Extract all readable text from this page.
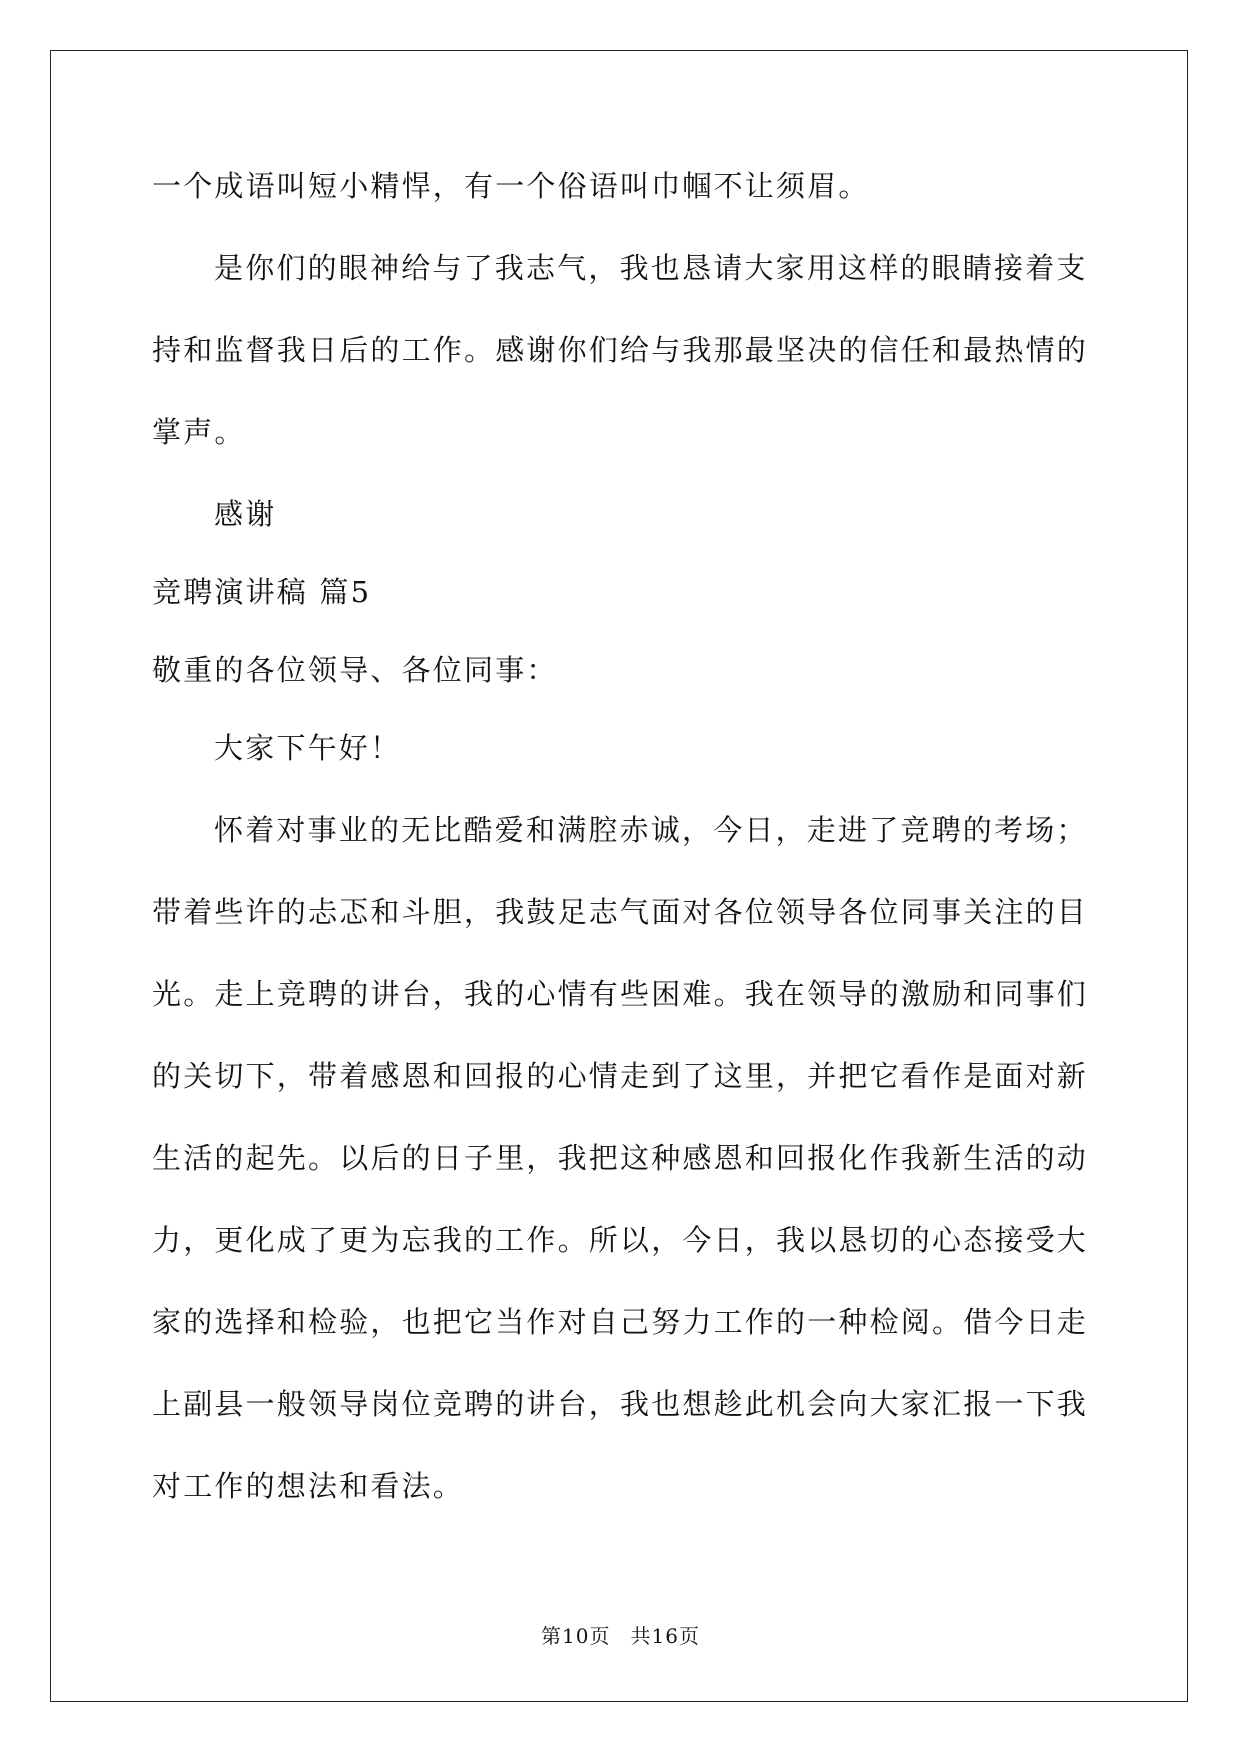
一个成语叫短小精悍，有一个俗语叫巾帼不让须眉。
是你们的眼神给与了我志气，我也恳请大家用这样的眼睛接着支
持和监督我日后的工作。感谢你们给与我那最坚决的信任和最热情的
掌声。
感谢
竞聘演讲稿 篇5
敬重的各位领导、各位同事：
大家下午好！
怀着对事业的无比酷爱和满腔赤诚，今日，走进了竞聘的考场；
带着些许的忐忑和斗胆，我鼓足志气面对各位领导各位同事关注的目
光。走上竞聘的讲台，我的心情有些困难。我在领导的激励和同事们
的关切下，带着感恩和回报的心情走到了这里，并把它看作是面对新
生活的起先。以后的日子里，我把这种感恩和回报化作我新生活的动
力，更化成了更为忘我的工作。所以，今日，我以恳切的心态接受大
家的选择和检验，也把它当作对自己努力工作的一种检阅。借今日走
上副县一般领导岗位竞聘的讲台，我也想趁此机会向大家汇报一下我
对工作的想法和看法。
第10页 共16页
